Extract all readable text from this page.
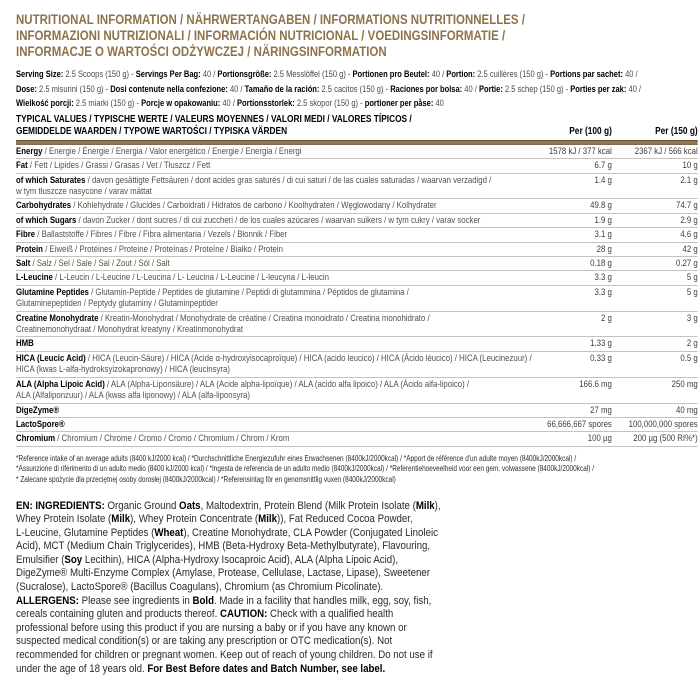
NUTRITIONAL INFORMATION / NÄHRWERTANGABEN / INFORMATIONS NUTRITIONNELLES /
INFORMAZIONI NUTRIZIONALI / INFORMACIÓN NUTRICIONAL / VOEDINGSINFORMATIE /
INFORMACJE O WARTOŚCI ODŻYWCZEJ / NÄRINGSINFORMATION
Serving Size: 2.5 Scoops (150 g) - Servings Per Bag: 40 / Portionsgröße: 2.5 Messlöffel (150 g) - Portionen pro Beutel: 40 / Portion: 2.5 cuillères (150 g) - Portions par sachet: 40 /
Dose: 2.5 misurini (150 g) - Dosi contenute nella confezione: 40 / Tamaño de la ración: 2.5 cacitos (150 g) - Raciones por bolsa: 40 / Portie: 2.5 schep (150 g) - Porties per zak: 40 /
Wielkość porcji: 2.5 miarki (150 g) - Porcje w opakowaniu: 40 / Portionsstorlek: 2.5 skopor (150 g) - portioner per påse: 40
TYPICAL VALUES / TYPISCHE WERTE / VALEURS MOYENNES / VALORI MEDI / VALORES TÍPICOS /
GEMIDDELDE WAARDEN / TYPOWE WARTOŚCI / TYPISKA VÄRDEN	Per (100 g)	Per (150 g)
Energy / Energie / Énergie / Energia / Valor energético / Energie / Energia / Energi	1578 kJ / 377 kcal	2367 kJ / 566 kcal
Fat / Fett / Lipides / Grassi / Grasas / Vet / Tłuszcz / Fett	6.7 g	10 g
of which Saturates / davon gesättigte Fettsäuren / dont acides gras saturés / di cui saturi / de las cuales saturadas / waarvan verzadigd /
w tym tłuszcze nasycone / varav mättat
1.4 g	2.1 g
Carbohydrates / Kohlehydrate / Glucides / Carboidrati / Hidratos de carbono / Koolhydraten / Węglowodany / Kolhydrater	49.8 g	74.7 g
of which Sugars / davon Zucker / dont sucres / di cui zuccheri / de los cuales azúcares / waarvan suikers / w tym cukry / varav socker	1.9 g	2.9 g
Fibre / Ballaststoffe / Fibres / Fibre / Fibra alimentaria / Vezels / Błonnik / Fiber	3.1 g	4.6 g
Protein / Eiweiß / Protéines / Proteine / Proteínas / Proteïne / Białko / Protein	28 g	42 g
Salt / Salz / Sel / Sale / Sal / Zout / Sól / Salt	0.18 g	0.27 g
L-Leucine / L-Leucin / L-Leucine / L-Leucina / L- Leucina / L-Leucine / L-leucyna / L-leucin	3.3 g	5 g
Glutamine Peptides / Glutamin-Peptide / Peptides de glutamine / Peptidi di glutammina / Péptidos de glutamina /
Glutaminepeptiden / Peptydy glutaminy / Glutaminpeptider
3.3 g	5 g
Creatine Monohydrate / Kreatin-Monohydrat / Monohydrate de créatine / Creatina monoidrato / Creatina monohidrato /
Creatinemonohydraat / Monohydrat kreatyny / Kreatinmonohydrat
2 g	3 g
HMB	1.33 g	2 g
HICA (Leucic Acid) / HICA (Leucin-Säure) / HICA (Acide α-hydroxyisocaproïque) / HICA (acido leucico) / HICA (Ácido léucico) / HICA (Leucinezuur) /
HICA (kwas L-alfa-hydroksyizokapronowy) / HICA (leucinsyra)
0.33 g	0.5 g
ALA (Alpha Lipoic Acid) / ALA (Alpha-Liponsäure) / ALA (Acide alpha-lipoïque) / ALA (acido alfa lipoico) / ALA (Ácido alfa-lipoico) /
ALA (Alfaliponzuur) / ALA (kwas alfa liponowy) / ALA (alfa-liponsyra)
166.6 mg	250 mg
DigeZyme®	27 mg	40 mg
LactoSpore®	66,666,667 spores	100,000,000 spores
Chromium / Chromium / Chrome / Cromo / Cromo / Chromium / Chrom / Krom	100 µg	200 µg (500 RI%*)
*Reference intake of an average adults (8400 kJ/2000 kcal) / *Durchschnittliche Energiezufuhr eines Erwachsenen (8400kJ/2000kcal) / *Apport de référence d'un adulte moyen (8400kJ/2000kcal) /
*Assunzione di riferimento di un adulto medio (8400 kJ/2000 kcal) / *Ingesta de referencia de un adulto medio (8400kJ/2000kcal) / *Referentiehoeveelheid voor een gem. volwassene (8400kJ/2000kcal) /
* Zalecane spożycie dla przeciętnej osoby dorosłej (8400kJ/2000kcal) / *Referensintag för en genomsnittlig vuxen (8400kJ/2000kcal)
EN: INGREDIENTS: Organic Ground Oats, Maltodextrin, Protein Blend (Milk Protein Isolate (Milk),
Whey Protein Isolate (Milk), Whey Protein Concentrate (Milk)), Fat Reduced Cocoa Powder,
L-Leucine, Glutamine Peptides (Wheat), Creatine Monohydrate, CLA Powder (Conjugated Linoleic
Acid), MCT (Medium Chain Triglycerides), HMB (Beta-Hydroxy Beta-Methylbutyrate), Flavouring,
Emulsifier (Soy Lecithin), HICA (Alpha-Hydroxy Isocaproic Acid), ALA (Alpha Lipoic Acid),
DigeZyme® Multi-Enzyme Complex (Amylase, Protease, Cellulase, Lactase, Lipase), Sweetener
(Sucralose), LactoSpore® (Bacillus Coagulans), Chromium (as Chromium Picolinate).
ALLERGENS: Please see ingredients in Bold. Made in a facility that handles milk, egg, soy, fish,
cereals containing gluten and products thereof. CAUTION: Check with a qualified health
professional before using this product if you are nursing a baby or if you have any known or
suspected medical condition(s) or are taking any prescription or OTC medication(s). Not
recommended for children or pregnant women. Keep out of reach of young children. Do not use if
under the age of 18 years old. For Best Before dates and Batch Number, see label.
